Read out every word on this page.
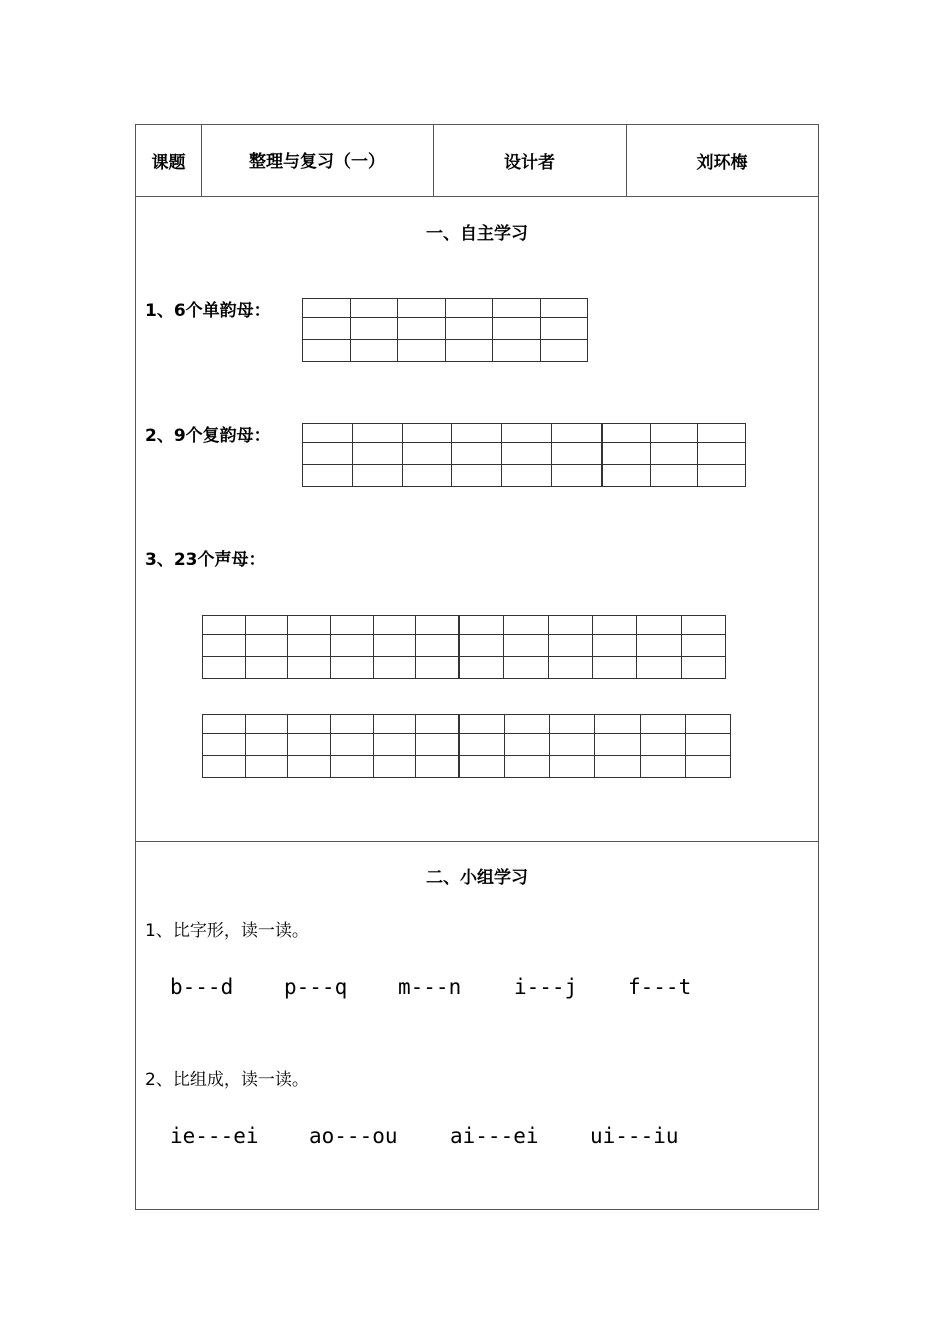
课题	整理与复习（一）	设计者	刘环梅
一、自主学习
1、6个单韵母：
2、9个复韵母：
3、23个声母：
二、小组学习
1、比字形，读一读。
b---d p---q m---n	i---j f---t
2、比组成，读一读。
ie---ei ao---ou ai---ei ui---iu
